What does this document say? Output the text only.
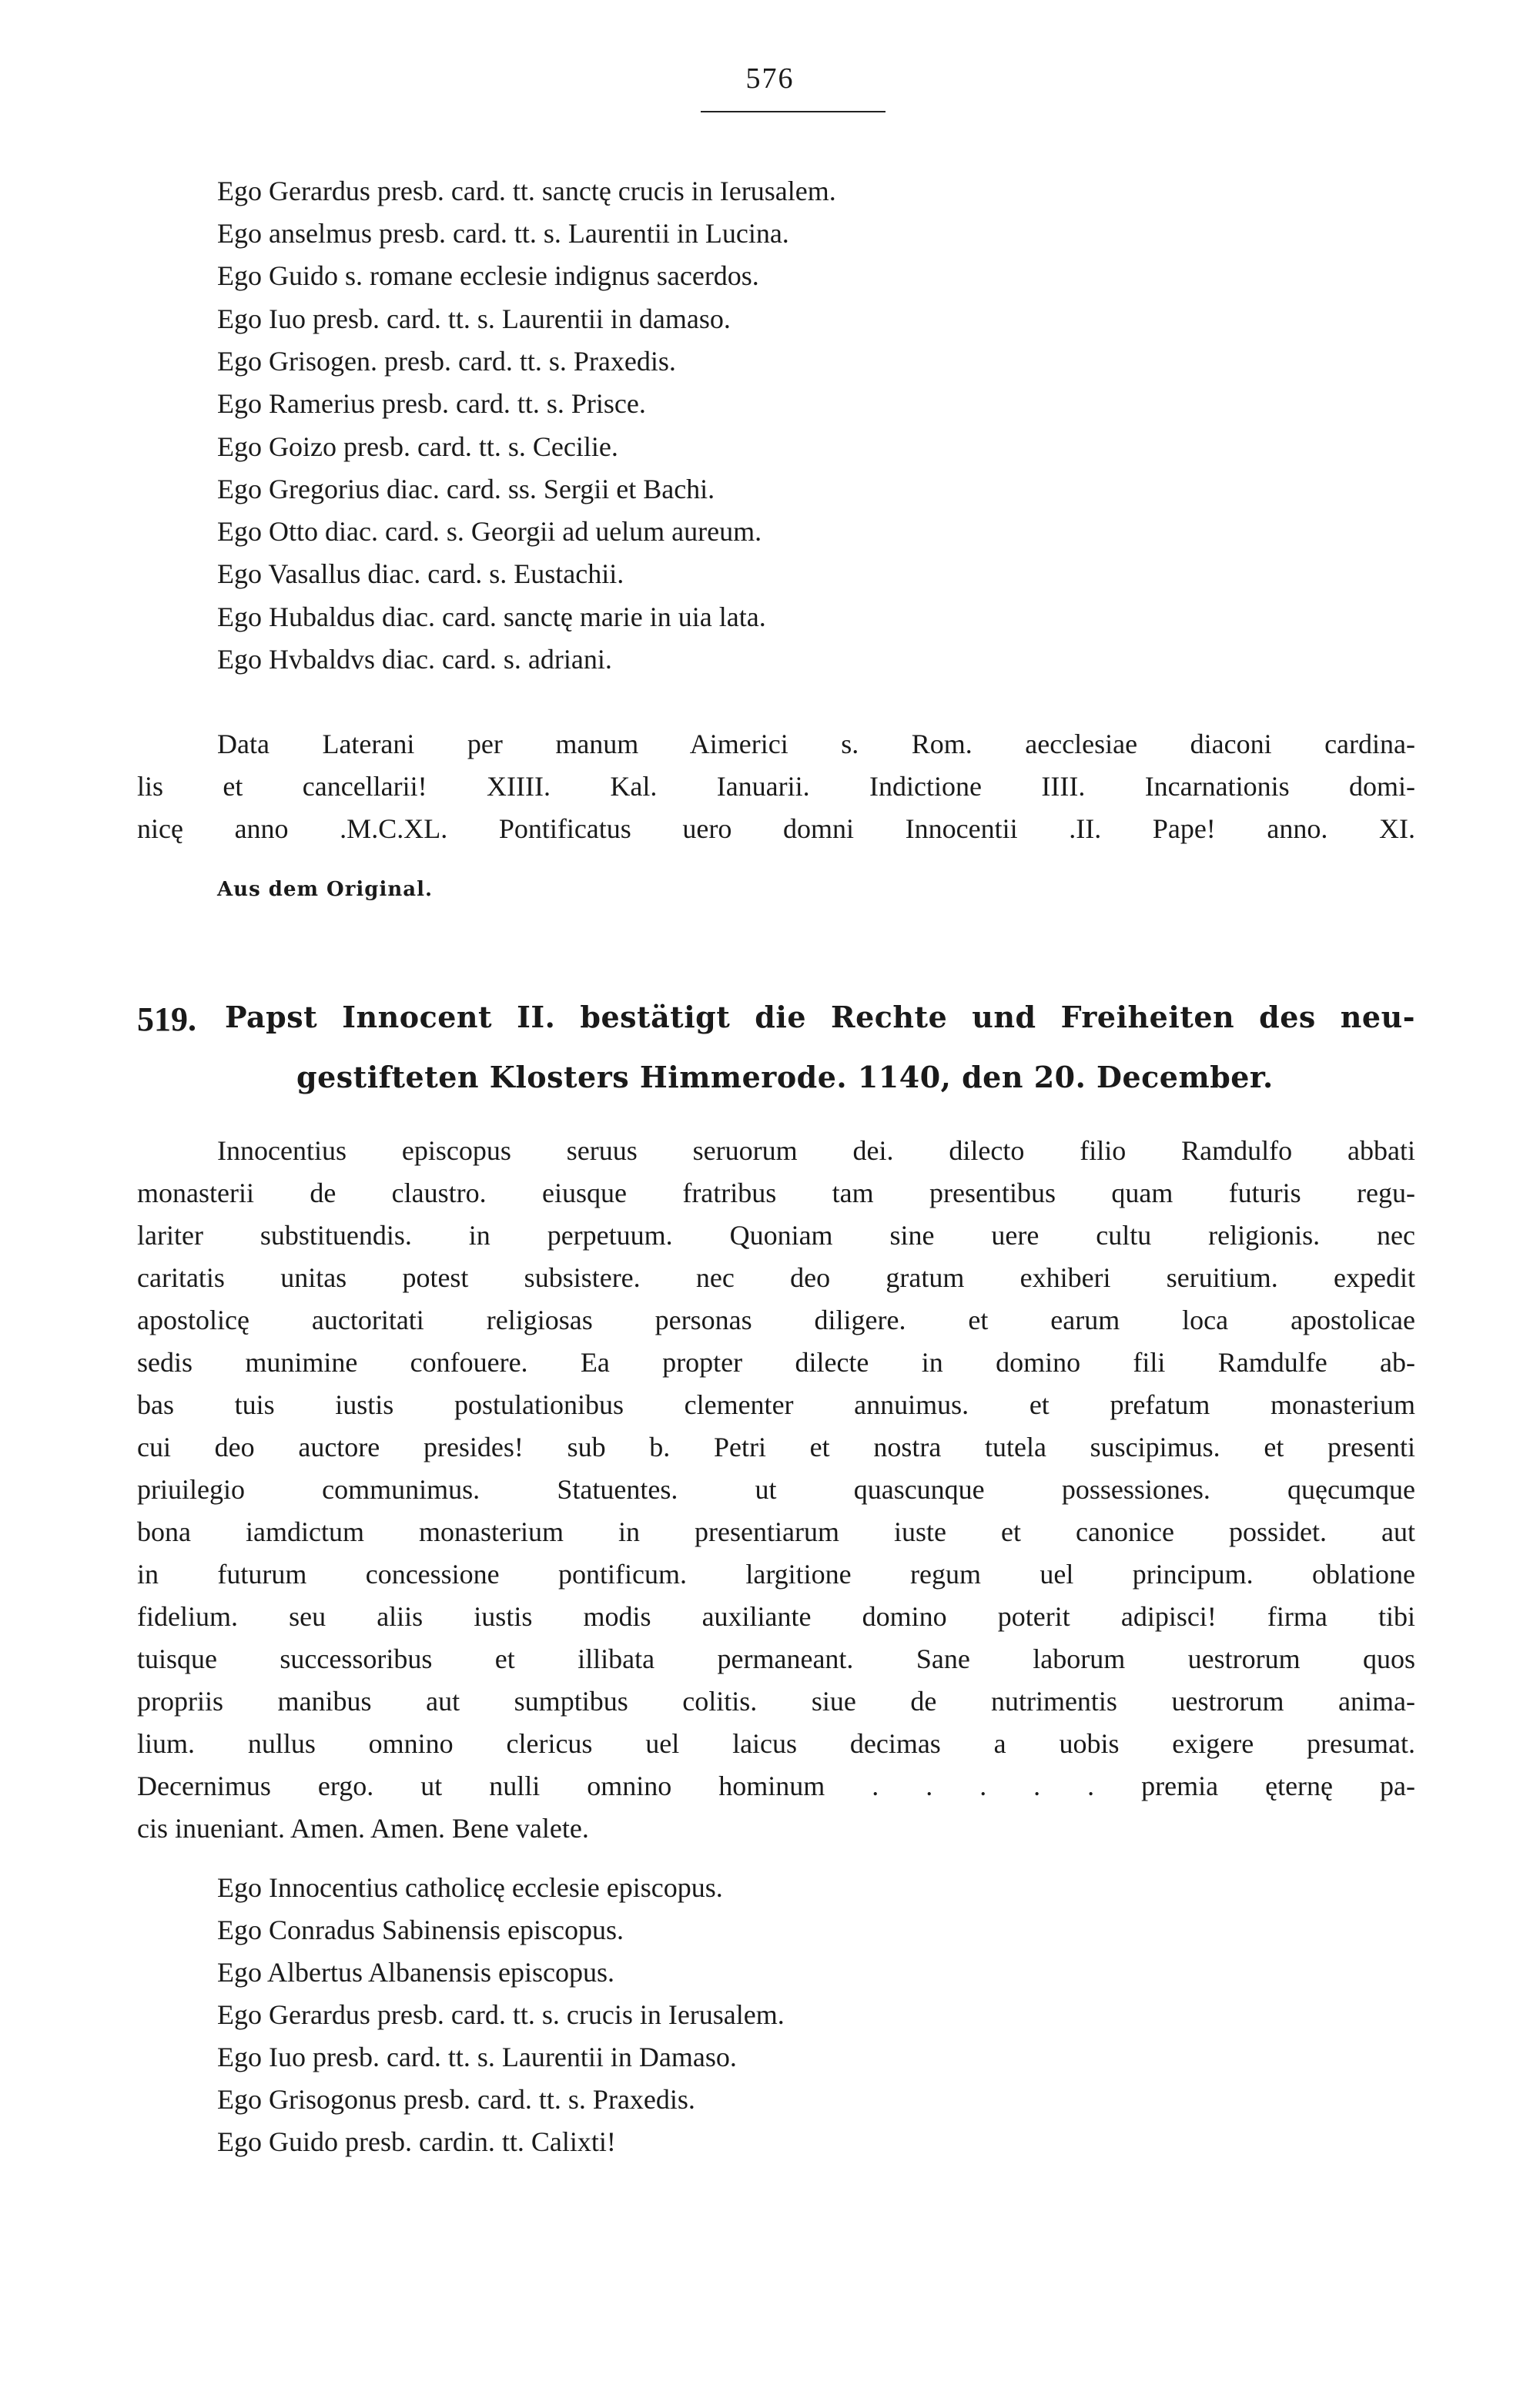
576
Ego Gerardus presb. card. tt. sanctę crucis in Ierusalem.
Ego anselmus presb. card. tt. s. Laurentii in Lucina.
Ego Guido s. romane ecclesie indignus sacerdos.
Ego Iuo presb. card. tt. s. Laurentii in damaso.
Ego Grisogen. presb. card. tt. s. Praxedis.
Ego Ramerius presb. card. tt. s. Prisce.
Ego Goizo presb. card. tt. s. Cecilie.
Ego Gregorius diac. card. ss. Sergii et Bachi.
Ego Otto diac. card. s. Georgii ad uelum aureum.
Ego Vasallus diac. card. s. Eustachii.
Ego Hubaldus diac. card. sanctę marie in uia lata.
Ego Hvbaldvs diac. card. s. adriani.
Data Laterani per manum Aimerici s. Rom. aecclesiae diaconi cardina-
lis et cancellarii! XIIII. Kal. Ianuarii. Indictione IIII. Incarnationis domi-
nicę anno .M.C.XL. Pontificatus uero domni Innocentii .II. Pape! anno. XI.
Aus dem Original.
519. Papst Innocent II. bestätigt die Rechte und Freiheiten des neu-
gestifteten Klosters Himmerode. 1140, den 20. December.
Innocentius episcopus seruus seruorum dei. dilecto filio Ramdulfo abbati
monasterii de claustro. eiusque fratribus tam presentibus quam futuris regu-
lariter substituendis. in perpetuum. Quoniam sine uere cultu religionis. nec
caritatis unitas potest subsistere. nec deo gratum exhiberi seruitium. expedit
apostolicę auctoritati religiosas personas diligere. et earum loca apostolicae
sedis munimine confouere. Ea propter dilecte in domino fili Ramdulfe ab-
bas tuis iustis postulationibus clementer annuimus. et prefatum monasterium
cui deo auctore presides! sub b. Petri et nostra tutela suscipimus. et presenti
priuilegio communimus. Statuentes. ut quascunque possessiones. quęcumque
bona iamdictum monasterium in presentiarum iuste et canonice possidet. aut
in futurum concessione pontificum. largitione regum uel principum. oblatione
fidelium. seu aliis iustis modis auxiliante domino poterit adipisci! firma tibi
tuisque successoribus et illibata permaneant. Sane laborum uestrorum quos
propriis manibus aut sumptibus colitis. siue de nutrimentis uestrorum anima-
lium. nullus omnino clericus uel laicus decimas a uobis exigere presumat.
Decernimus ergo. ut nulli omnino hominum . . . . . premia ęternę pa-
cis inueniant. Amen. Amen. Bene valete.
Ego Innocentius catholicę ecclesie episcopus.
Ego Conradus Sabinensis episcopus.
Ego Albertus Albanensis episcopus.
Ego Gerardus presb. card. tt. s. crucis in Ierusalem.
Ego Iuo presb. card. tt. s. Laurentii in Damaso.
Ego Grisogonus presb. card. tt. s. Praxedis.
Ego Guido presb. cardin. tt. Calixti!
